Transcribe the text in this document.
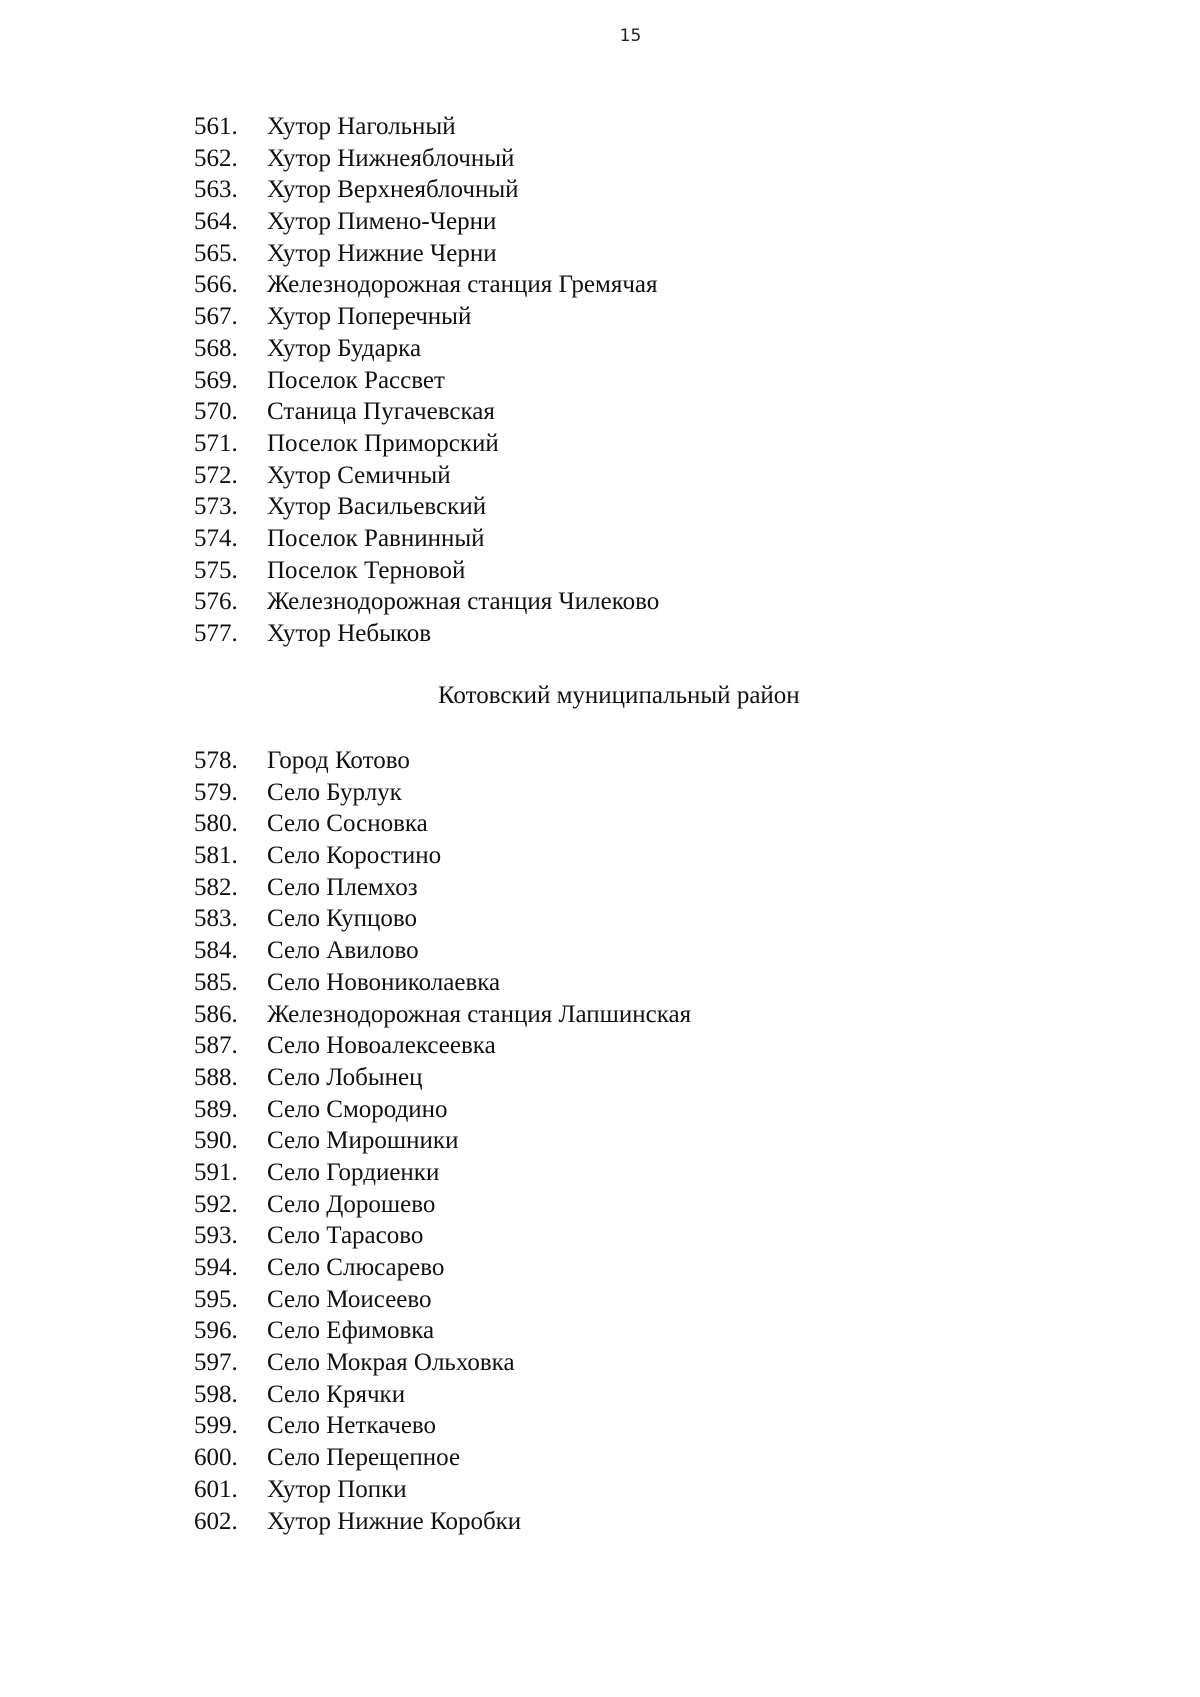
15
561. Хутор Нагольный
562. Хутор Нижнеяблочный
563. Хутор Верхнеяблочный
564. Хутор Пимено-Черни
565. Хутор Нижние Черни
566. Железнодорожная станция Гремячая
567. Хутор Поперечный
568. Хутор Бударка
569. Поселок Рассвет
570. Станица Пугачевская
571. Поселок Приморский
572. Хутор Семичный
573. Хутор Васильевский
574. Поселок Равнинный
575. Поселок Терновой
576. Железнодорожная станция Чилеково
577. Хутор Небыков
Котовский муниципальный район
578. Город Котово
579. Село Бурлук
580. Село Сосновка
581. Село Коростино
582. Село Племхоз
583. Село Купцово
584. Село Авилово
585. Село Новониколаевка
586. Железнодорожная станция Лапшинская
587. Село Новоалексеевка
588. Село Лобынец
589. Село Смородино
590. Село Мирошники
591. Село Гордиенки
592. Село Дорошево
593. Село Тарасово
594. Село Слюсарево
595. Село Моисеево
596. Село Ефимовка
597. Село Мокрая Ольховка
598. Село Крячки
599. Село Неткачево
600. Село Перещепное
601. Хутор Попки
602. Хутор Нижние Коробки
